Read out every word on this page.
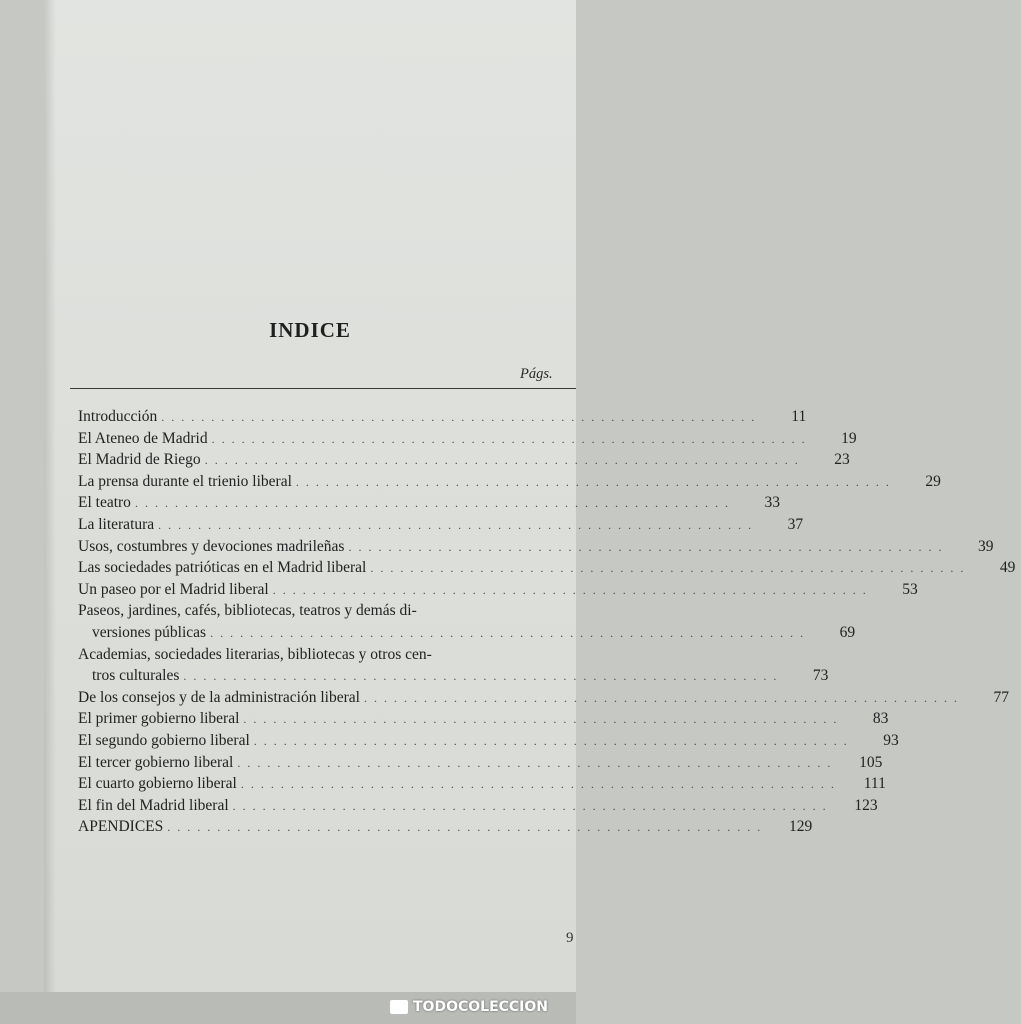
INDICE
Págs.
Introducción . . . . . . . . . . . . . . . . . . . . . . . . . . . . . . . . . . . . . . . . . . . . . . . . . . . . . . . . . . . .	11
El Ateneo de Madrid . . . . . . . . . . . . . . . . . . . . . . . . . . . . . . . . . . . . . . . . . . . . . . . . . . . . . . . . . . . .	19
El Madrid de Riego . . . . . . . . . . . . . . . . . . . . . . . . . . . . . . . . . . . . . . . . . . . . . . . . . . . . . . . . . . . .	23
La prensa durante el trienio liberal . . . . . . . . . . . . . . . . . . . . . . . . . . . . . . . . . . . . . . . . . . . . . . . . . . . . . . . . . . . .	29
El teatro . . . . . . . . . . . . . . . . . . . . . . . . . . . . . . . . . . . . . . . . . . . . . . . . . . . . . . . . . . . .	33
La literatura . . . . . . . . . . . . . . . . . . . . . . . . . . . . . . . . . . . . . . . . . . . . . . . . . . . . . . . . . . . .	37
Usos, costumbres y devociones madrileñas . . . . . . . . . . . . . . . . . . . . . . . . . . . . . . . . . . . . . . . . . . . . . . . . . . . . . . . . . . . .	39
Las sociedades patrióticas en el Madrid liberal . . . . . . . . . . . . . . . . . . . . . . . . . . . . . . . . . . . . . . . . . . . . . . . . . . . . . . . . . . . .	49
Un paseo por el Madrid liberal . . . . . . . . . . . . . . . . . . . . . . . . . . . . . . . . . . . . . . . . . . . . . . . . . . . . . . . . . . . .	53
Paseos, jardines, cafés, bibliotecas, teatros y demás di-
versiones públicas . . . . . . . . . . . . . . . . . . . . . . . . . . . . . . . . . . . . . . . . . . . . . . . . . . . . . . . . . . . .	69
Academias, sociedades literarias, bibliotecas y otros cen-
tros culturales . . . . . . . . . . . . . . . . . . . . . . . . . . . . . . . . . . . . . . . . . . . . . . . . . . . . . . . . . . . .	73
De los consejos y de la administración liberal . . . . . . . . . . . . . . . . . . . . . . . . . . . . . . . . . . . . . . . . . . . . . . . . . . . . . . . . . . . .	77
El primer gobierno liberal . . . . . . . . . . . . . . . . . . . . . . . . . . . . . . . . . . . . . . . . . . . . . . . . . . . . . . . . . . . .	83
El segundo gobierno liberal . . . . . . . . . . . . . . . . . . . . . . . . . . . . . . . . . . . . . . . . . . . . . . . . . . . . . . . . . . . .	93
El tercer gobierno liberal . . . . . . . . . . . . . . . . . . . . . . . . . . . . . . . . . . . . . . . . . . . . . . . . . . . . . . . . . . . .	105
El cuarto gobierno liberal . . . . . . . . . . . . . . . . . . . . . . . . . . . . . . . . . . . . . . . . . . . . . . . . . . . . . . . . . . . .	111
El fin del Madrid liberal . . . . . . . . . . . . . . . . . . . . . . . . . . . . . . . . . . . . . . . . . . . . . . . . . . . . . . . . . . . .	123
APENDICES . . . . . . . . . . . . . . . . . . . . . . . . . . . . . . . . . . . . . . . . . . . . . . . . . . . . . . . . . . . .	129
9
TODOCOLECCION
